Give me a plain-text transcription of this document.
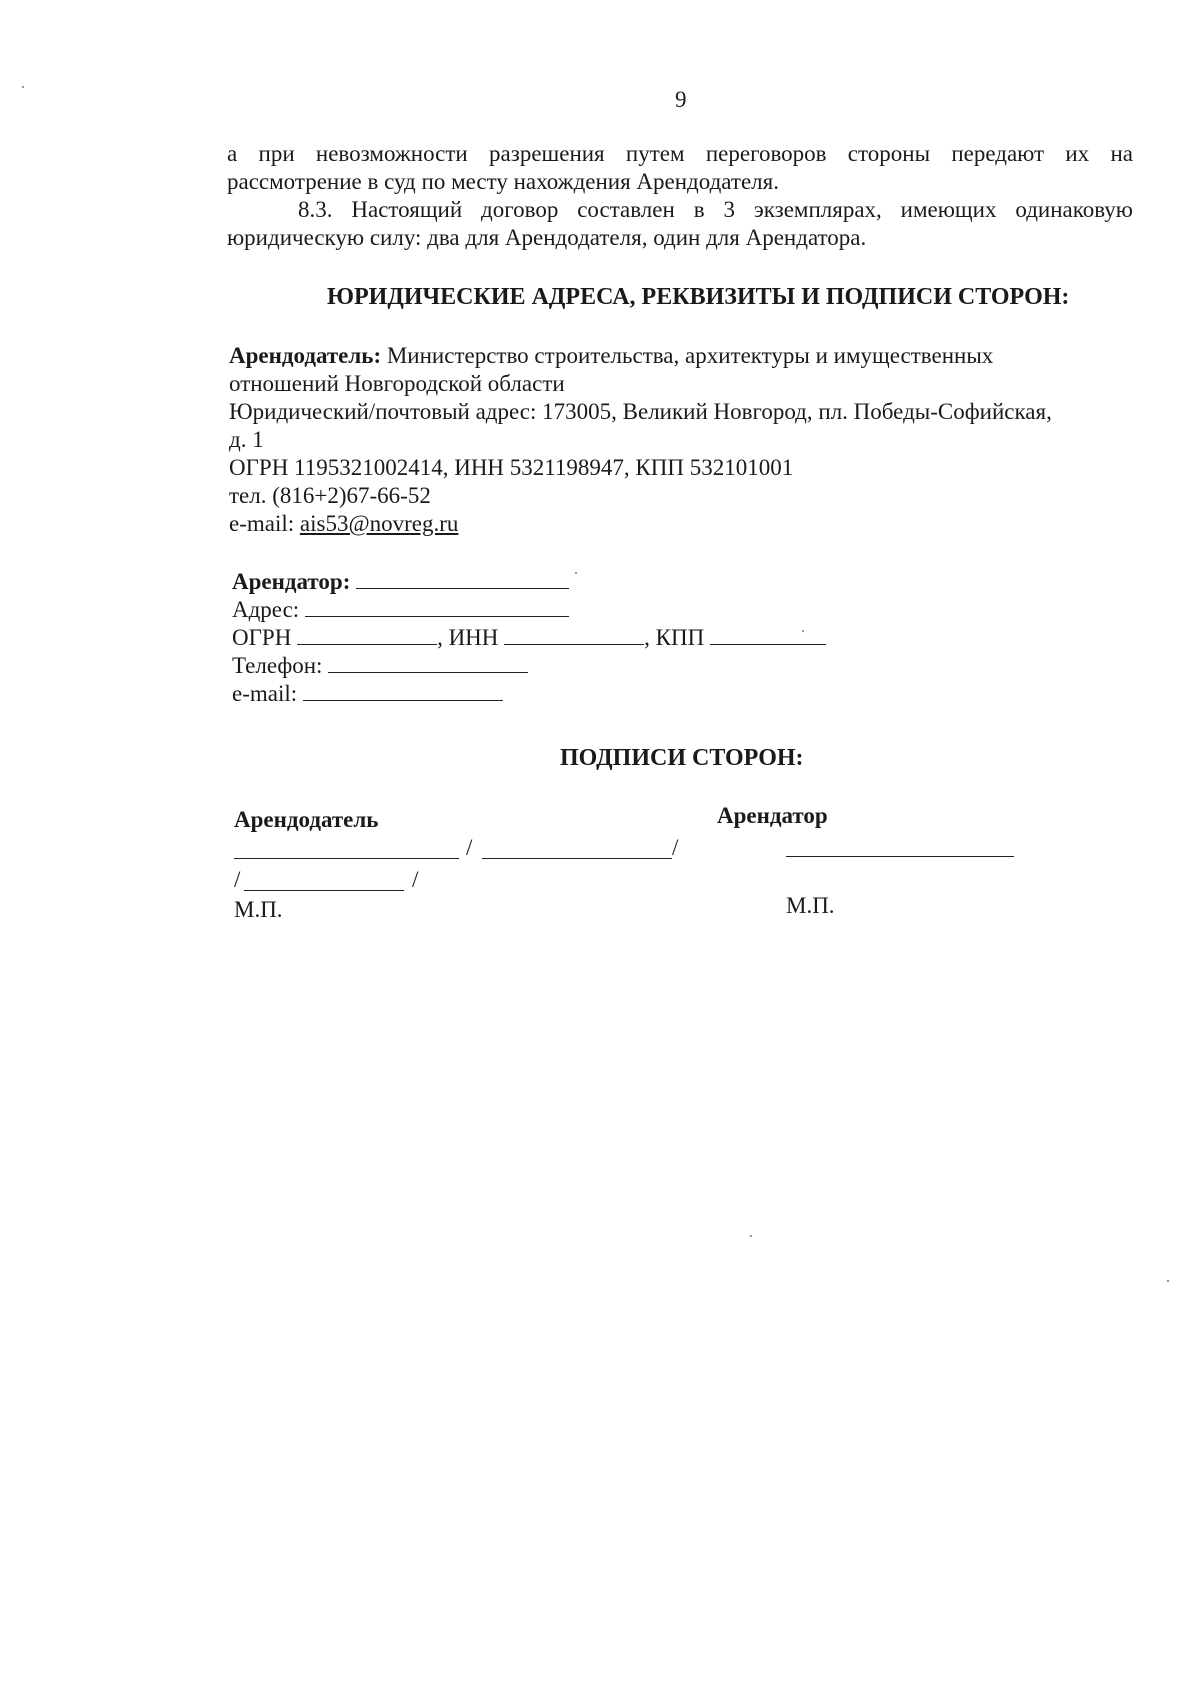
9
а при невозможности разрешения путем переговоров стороны передают их на
рассмотрение в суд по месту нахождения Арендодателя.
8.3. Настоящий договор составлен в 3 экземплярах, имеющих одинаковую
юридическую силу: два для Арендодателя, один для Арендатора.
ЮРИДИЧЕСКИЕ АДРЕСА, РЕКВИЗИТЫ И ПОДПИСИ СТОРОН:
Арендодатель: Министерство строительства, архитектуры и имущественных
отношений Новгородской области
Юридический/почтовый адрес: 173005, Великий Новгород, пл. Победы-Софийская,
д. 1
ОГРН 1195321002414, ИНН 5321198947, КПП 532101001
тел. (816+2)67-66-52
e-mail: ais53@novreg.ru
Арендатор:
Адрес:
ОГРН	, ИНН	, КПП
Телефон:
e-mail:
ПОДПИСИ СТОРОН:
Арендодатель	Арендатор
/	/
/	/
М.П.	М.П.
